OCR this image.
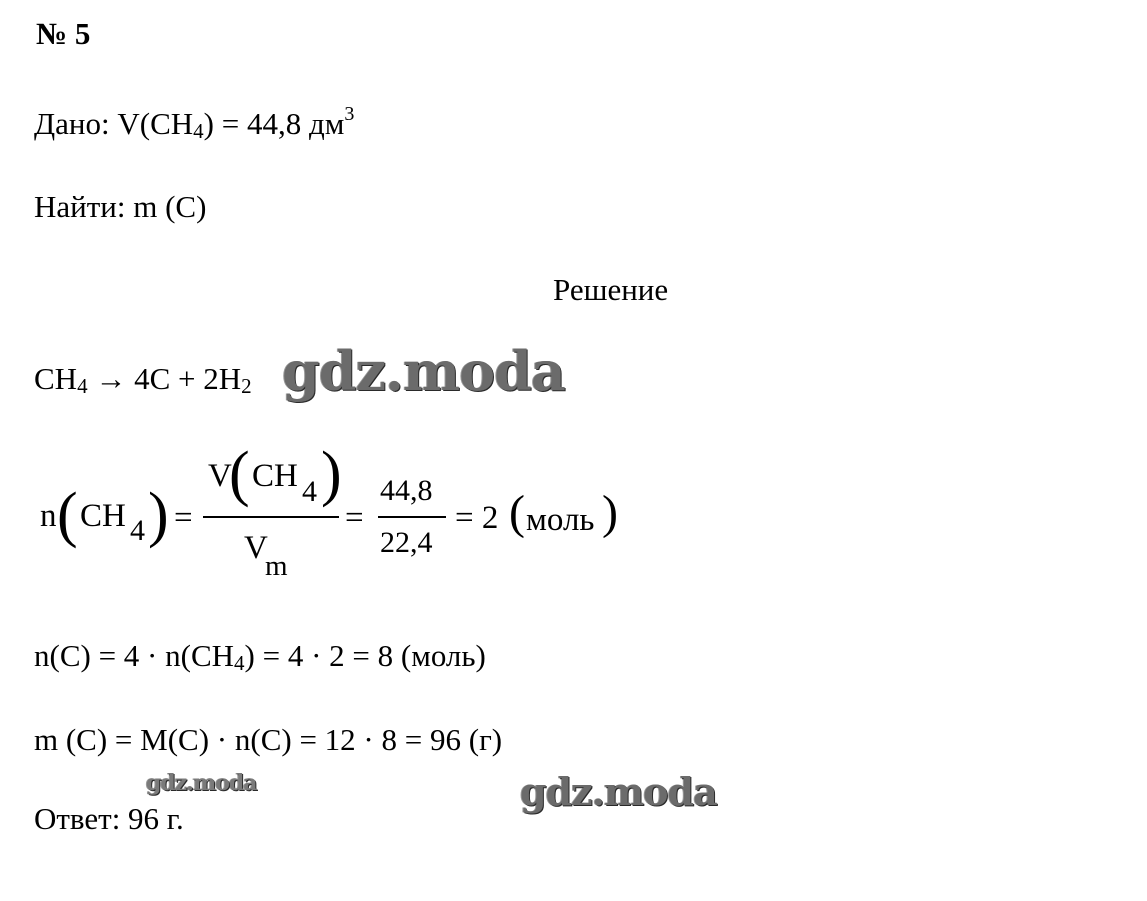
№ 5
Дано: $V(CH_4) = 44,8$ $дм^3$
Найти: m (C)
Решение
$CH_4 \to 4C + 2H_2$
n ( CH 4 ) =
V
( CH 4 )
V
m
=
44,8
22,4
= 2 ( моль )
$n(C) = 4 \cdot n(CH_4) = 4 \cdot 2 = 8$ (моль)
m (C) = M(C) · n(C) = 12 · 8 = 96 (г)
Ответ: 96 г.
gdz.moda
gdz.moda	gdz.moda
